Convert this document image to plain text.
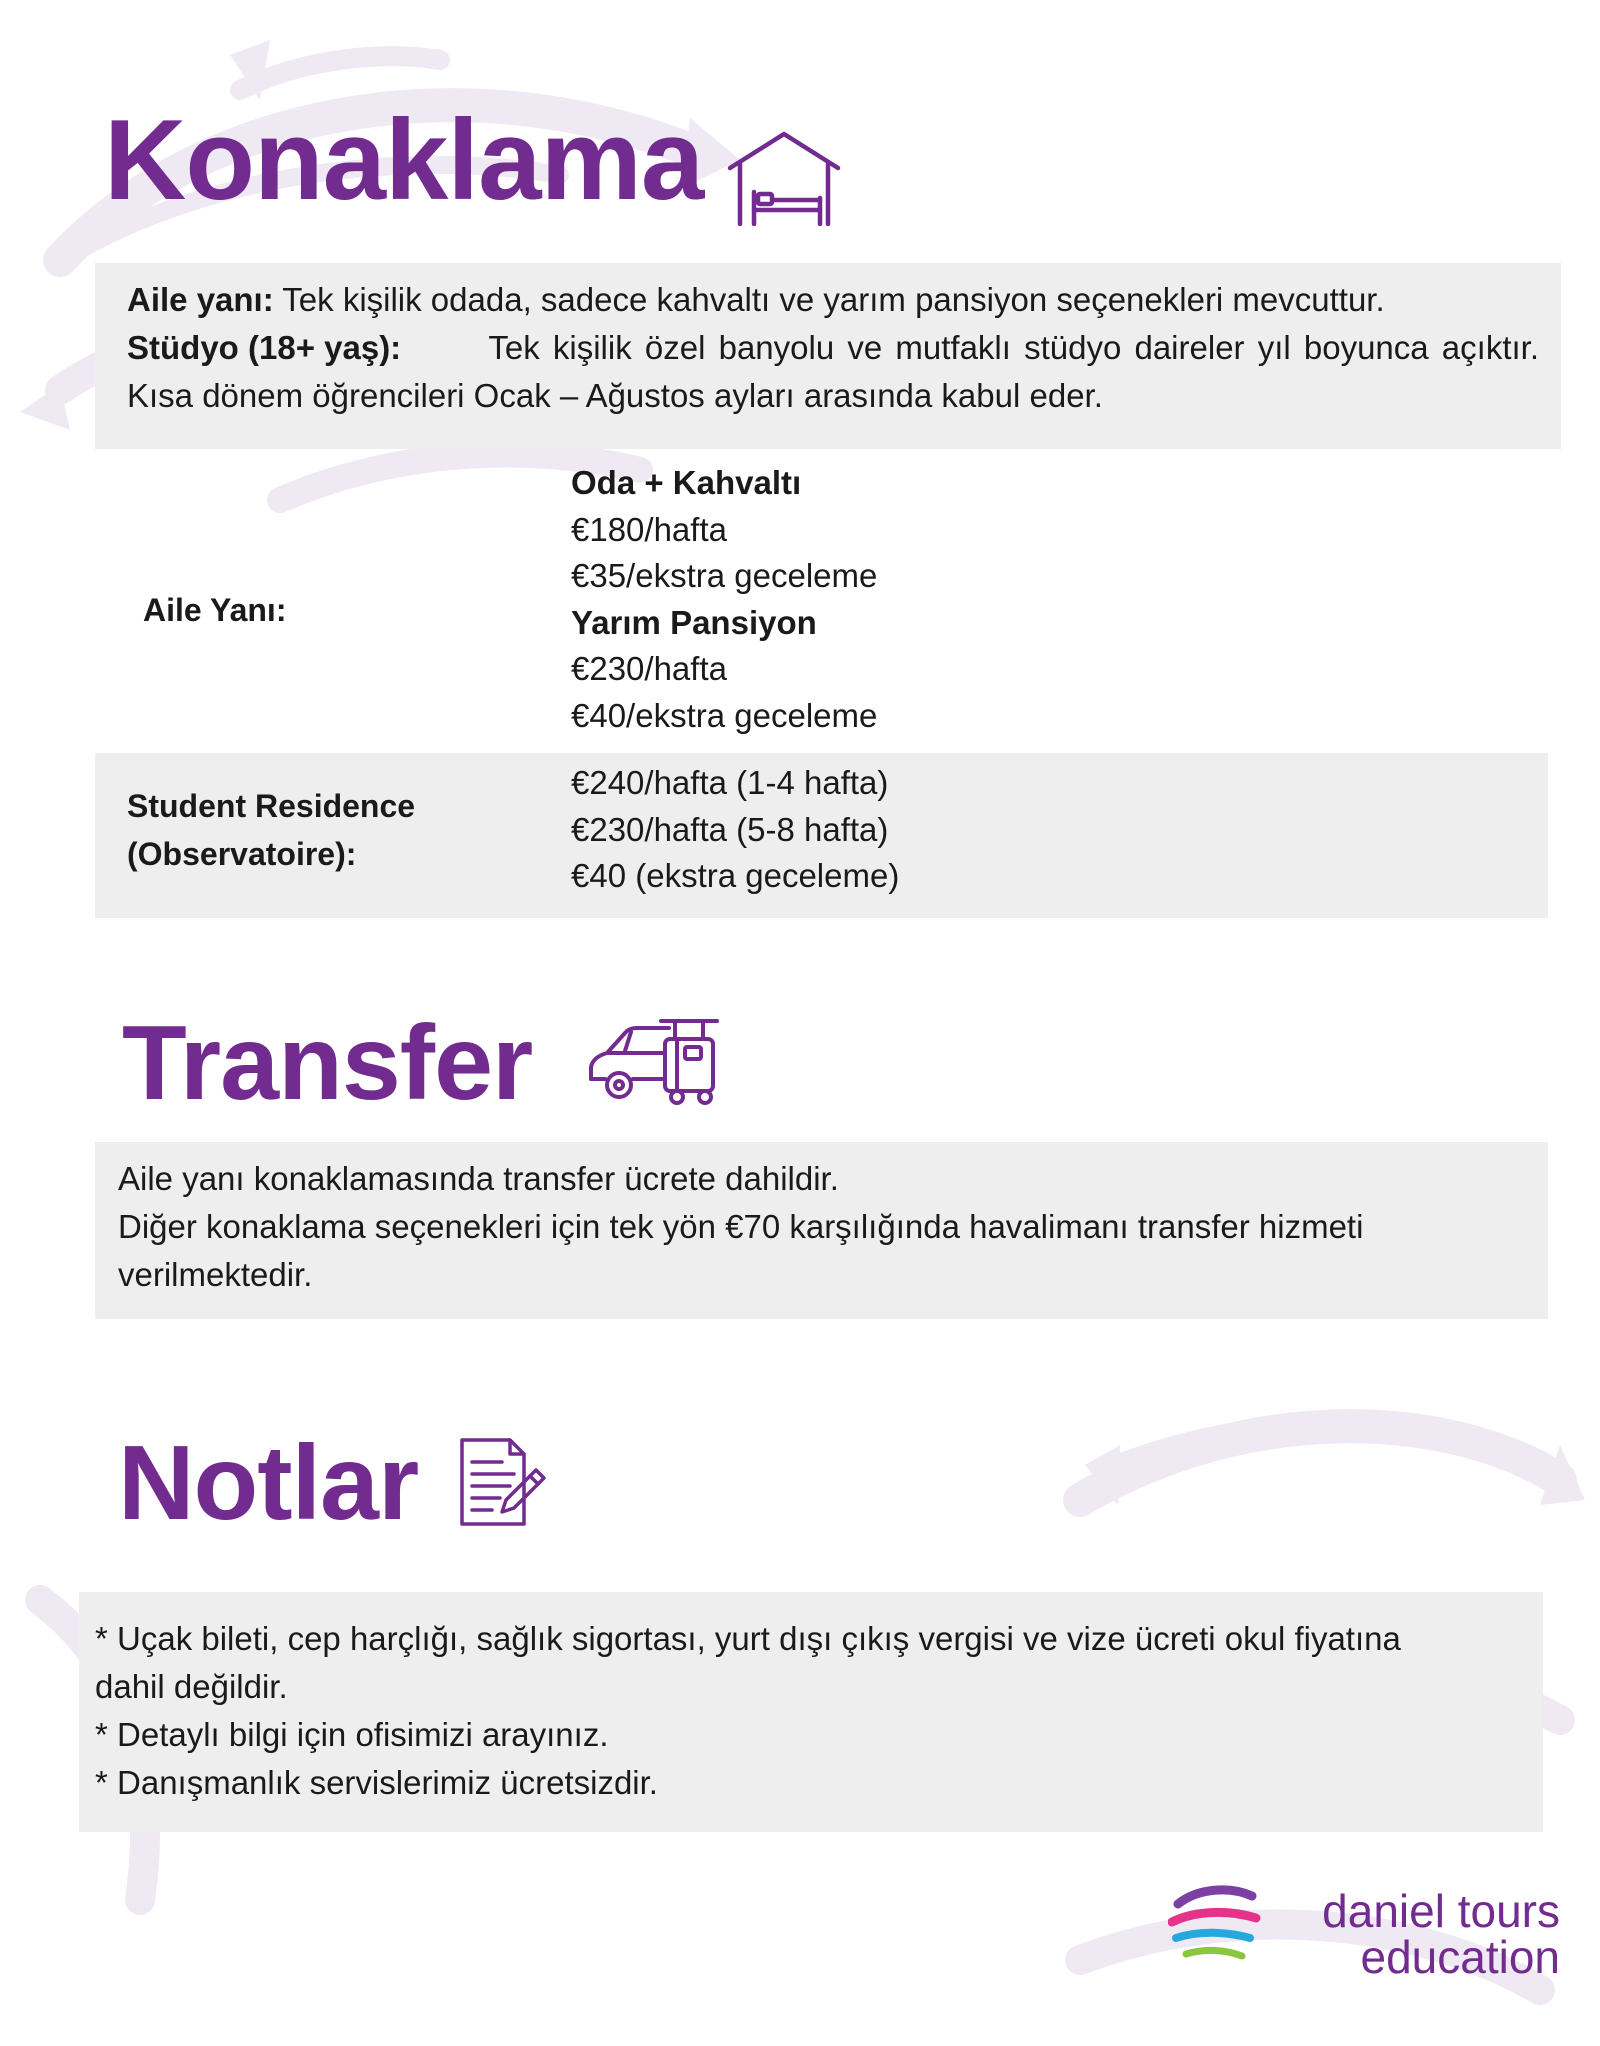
Konaklama
Aile yanı: Tek kişilik odada, sadece kahvaltı ve yarım pansiyon seçenekleri mevcuttur.
Stüdyo (18+ yaş):	Tek kişilik özel banyolu ve mutfaklı stüdyo daireler yıl boyunca açıktır.
Kısa dönem öğrencileri Ocak – Ağustos ayları arasında kabul eder.
Aile Yanı:
Oda + Kahvaltı
€180/hafta
€35/ekstra geceleme
Yarım Pansiyon
€230/hafta
€40/ekstra geceleme
Student Residence
(Observatoire):
€240/hafta (1-4 hafta)
€230/hafta (5-8 hafta)
€40 (ekstra geceleme)
Transfer
Aile yanı konaklamasında transfer ücrete dahildir.
Diğer konaklama seçenekleri için tek yön €70 karşılığında havalimanı transfer hizmeti
verilmektedir.
Notlar
* Uçak bileti, cep harçlığı, sağlık sigortası, yurt dışı çıkış vergisi ve vize ücreti okul fiyatına
dahil değildir.
* Detaylı bilgi için ofisimizi arayınız.
* Danışmanlık servislerimiz ücretsizdir.
daniel tours
education
